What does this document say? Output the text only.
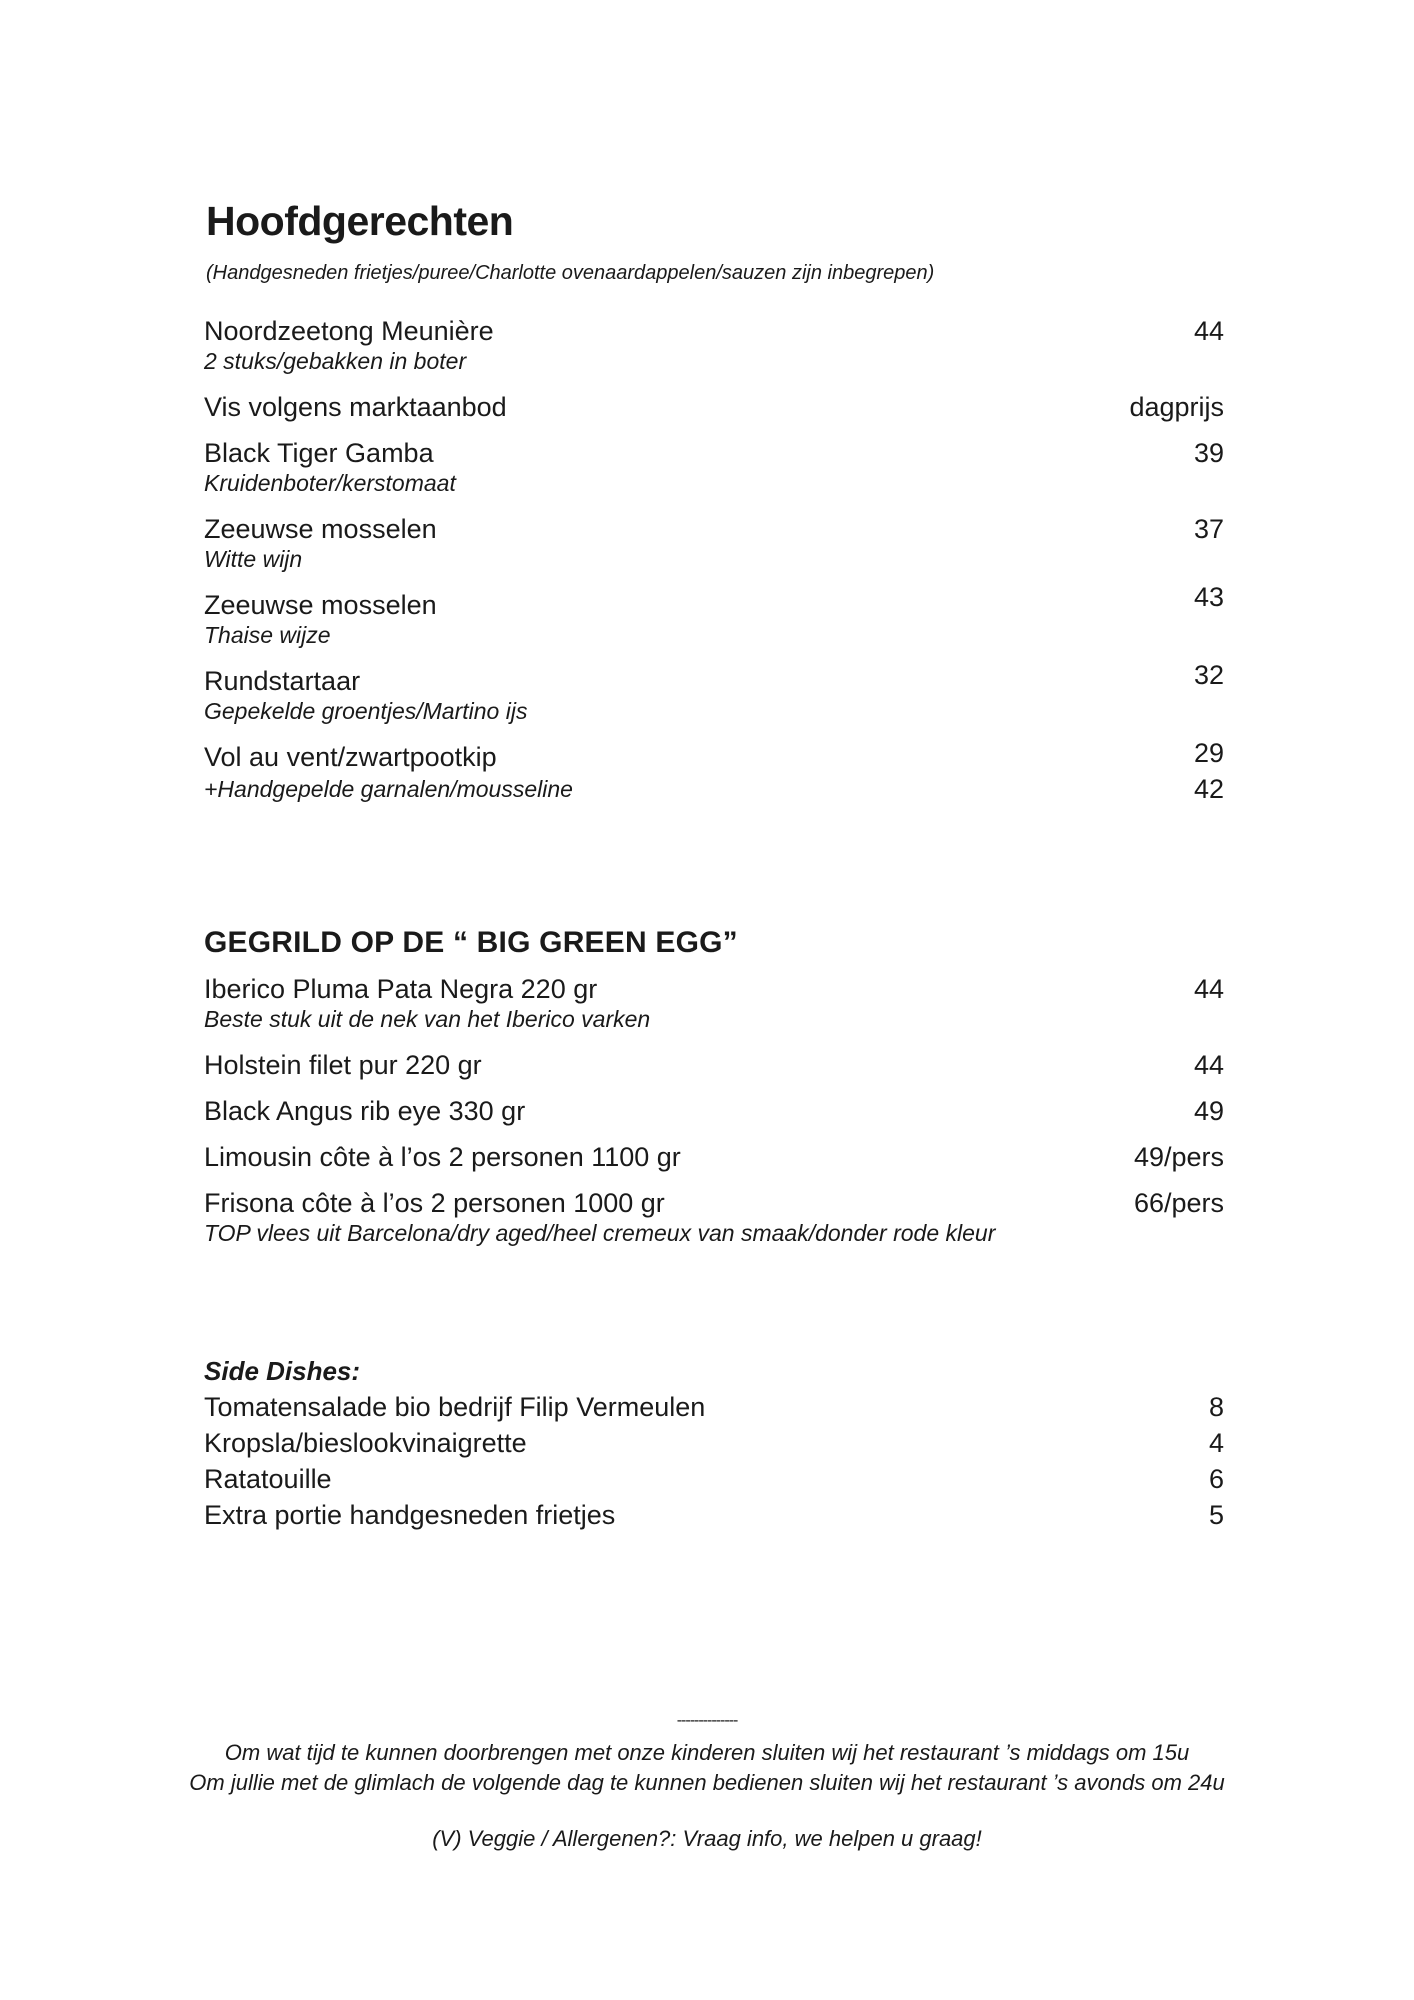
Hoofdgerechten
(Handgesneden frietjes/puree/Charlotte ovenaardappelen/sauzen zijn inbegrepen)
Noordzeetong Meunière	44
2 stuks/gebakken in boter
Vis volgens marktaanbod	dagprijs
Black Tiger Gamba	39
Kruidenboter/kerstomaat
Zeeuwse mosselen	37
Witte wijn
Zeeuwse mosselen	43
Thaise wijze
Rundstartaar	32
Gepekelde groentjes/Martino ijs
Vol au vent/zwartpootkip	29
+Handgepelde garnalen/mousseline	42
GEGRILD OP DE “ BIG GREEN EGG”
Iberico Pluma Pata Negra 220 gr	44
Beste stuk uit de nek van het Iberico varken
Holstein filet pur 220 gr	44
Black Angus rib eye 330 gr	49
Limousin côte à l’os 2 personen 1100 gr	49/pers
Frisona côte à l’os 2 personen 1000 gr	66/pers
TOP vlees uit Barcelona/dry aged/heel cremeux van smaak/donder rode kleur
Side Dishes:
Tomatensalade bio bedrijf Filip Vermeulen	8
Kropsla/bieslookvinaigrette	4
Ratatouille	6
Extra portie handgesneden frietjes	5
--------------
Om wat tijd te kunnen doorbrengen met onze kinderen sluiten wij het restaurant ’s middags om 15u
Om jullie met de glimlach de volgende dag te kunnen bedienen sluiten wij het restaurant ’s avonds om 24u
(V) Veggie / Allergenen?: Vraag info, we helpen u graag!
